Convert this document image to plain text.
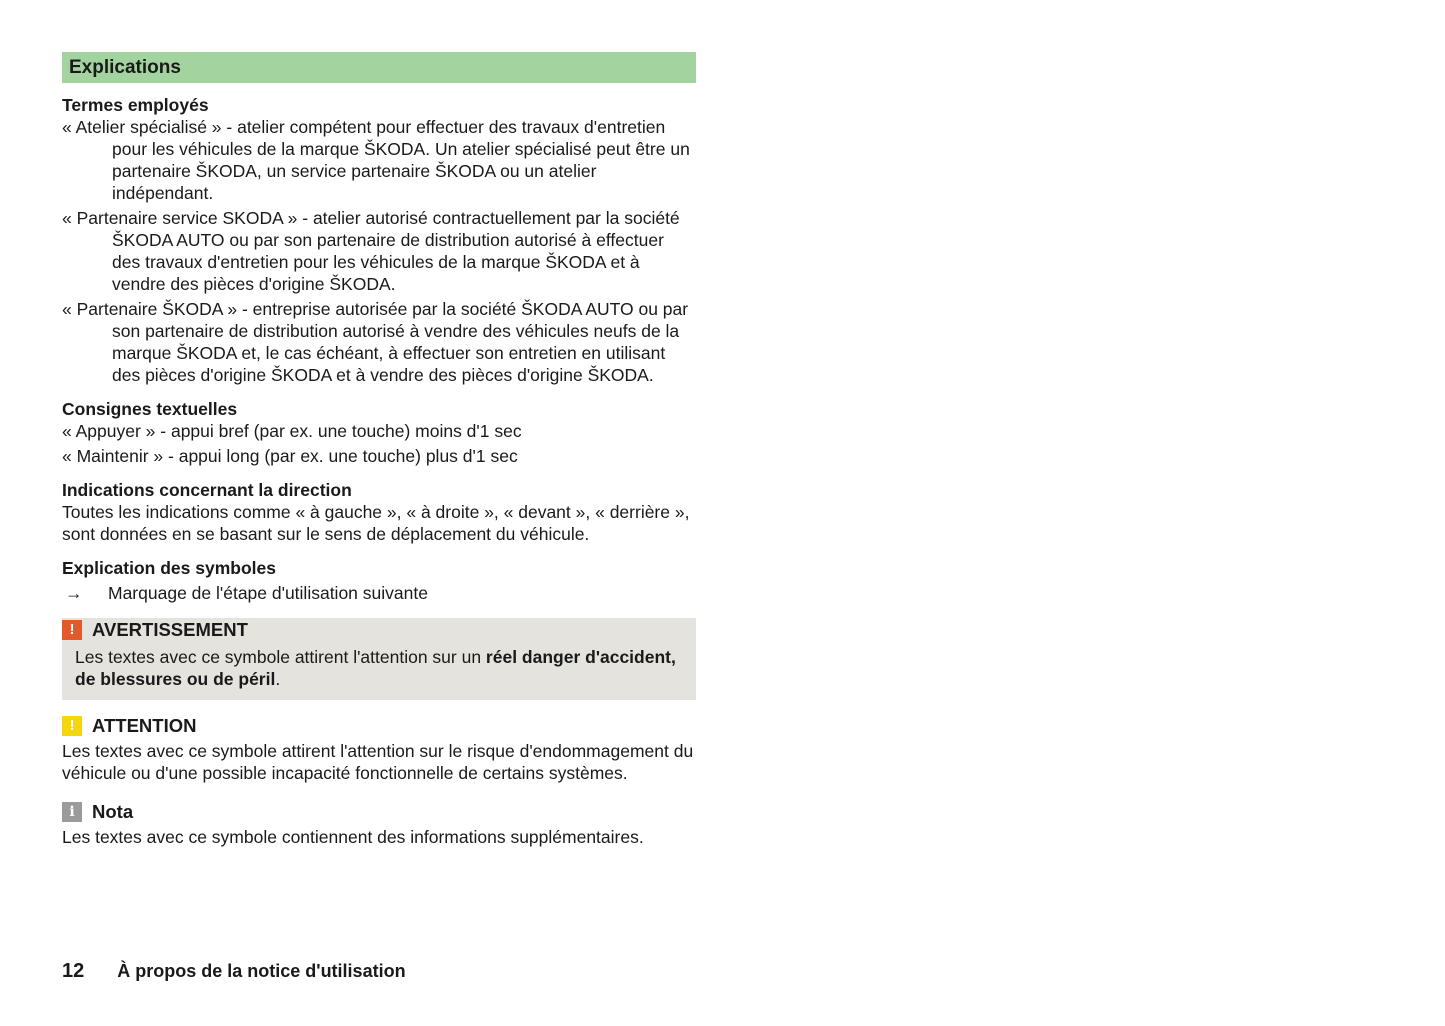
Explications

Termes employés

« Atelier spécialisé » - atelier compétent pour effectuer des travaux d'entretien pour les véhicules de la marque ŠKODA. Un atelier spécialisé peut être un partenaire ŠKODA, un service partenaire ŠKODA ou un atelier indépendant.

« Partenaire service SKODA » - atelier autorisé contractuellement par la société ŠKODA AUTO ou par son partenaire de distribution autorisé à effectuer des travaux d'entretien pour les véhicules de la marque ŠKODA et à vendre des pièces d'origine ŠKODA.

« Partenaire ŠKODA » - entreprise autorisée par la société ŠKODA AUTO ou par son partenaire de distribution autorisé à vendre des véhicules neufs de la marque ŠKODA et, le cas échéant, à effectuer son entretien en utilisant des pièces d'origine ŠKODA et à vendre des pièces d'origine ŠKODA.

Consignes textuelles

« Appuyer » - appui bref (par ex. une touche) moins d'1 sec

« Maintenir » - appui long (par ex. une touche) plus d'1 sec

Indications concernant la direction

Toutes les indications comme « à gauche », « à droite », « devant », « derrière », sont données en se basant sur le sens de déplacement du véhicule.

Explication des symboles

→	Marquage de l'étape d'utilisation suivante
! AVERTISSEMENT

Les textes avec ce symbole attirent l'attention sur un réel danger d'accident, de blessures ou de péril.

! ATTENTION

Les textes avec ce symbole attirent l'attention sur le risque d'endommagement du véhicule ou d'une possible incapacité fonctionnelle de certains systèmes.

i Nota

Les textes avec ce symbole contiennent des informations supplémentaires.

12 À propos de la notice d'utilisation
